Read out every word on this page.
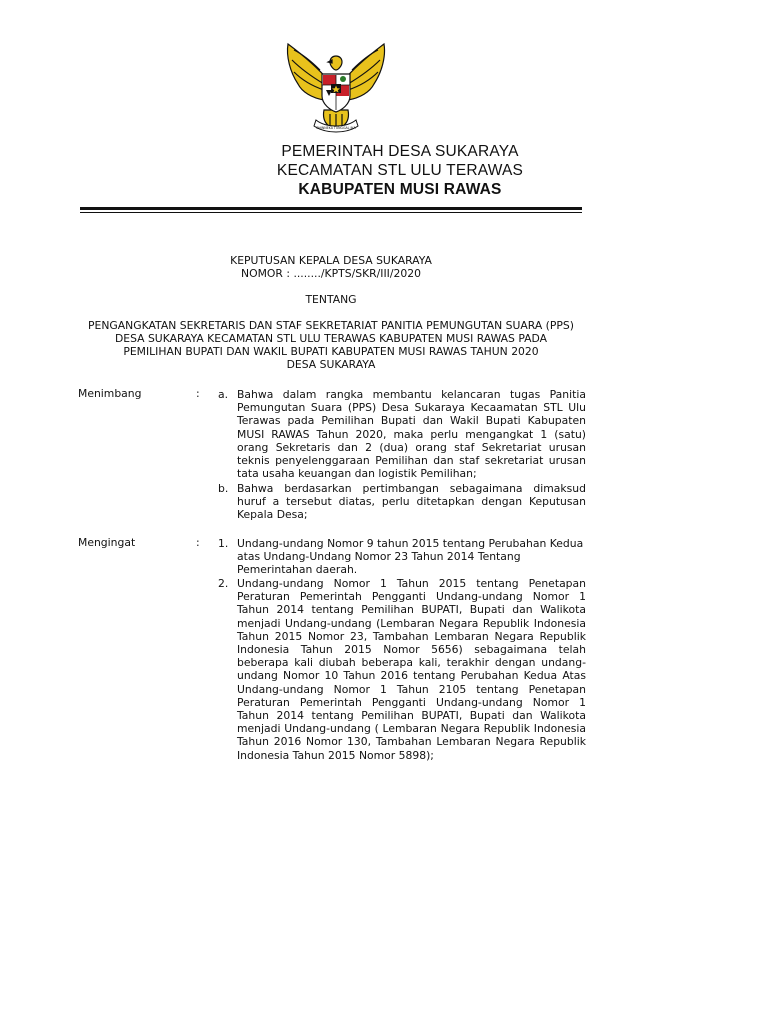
BHINNEKA TUNGGAL IKA
PEMERINTAH DESA SUKARAYA
KECAMATAN STL ULU TERAWAS
KABUPATEN MUSI RAWAS
KEPUTUSAN KEPALA DESA SUKARAYA
NOMOR : ......../KPTS/SKR/III/2020
TENTANG
PENGANGKATAN SEKRETARIS DAN STAF SEKRETARIAT PANITIA PEMUNGUTAN SUARA (PPS)
DESA SUKARAYA KECAMATAN STL ULU TERAWAS KABUPATEN MUSI RAWAS PADA
PEMILIHAN BUPATI DAN WAKIL BUPATI KABUPATEN MUSI RAWAS TAHUN 2020
DESA SUKARAYA
Menimbang	: a. Bahwa dalam rangka membantu kelancaran tugas Panitia
Pemungutan Suara (PPS) Desa Sukaraya Kecaamatan STL Ulu
Terawas pada Pemilihan Bupati dan Wakil Bupati Kabupaten
MUSI RAWAS Tahun 2020, maka perlu mengangkat 1 (satu)
orang Sekretaris dan 2 (dua) orang staf Sekretariat urusan
teknis penyelenggaraan Pemilihan dan staf sekretariat urusan
tata usaha keuangan dan logistik Pemilihan;
b. Bahwa berdasarkan pertimbangan sebagaimana dimaksud
huruf a tersebut diatas, perlu ditetapkan dengan Keputusan
Kepala Desa;
Mengingat	: 1. Undang-undang Nomor 9 tahun 2015 tentang Perubahan Kedua
atas Undang-Undang Nomor 23 Tahun 2014 Tentang
Pemerintahan daerah.
2. Undang-undang Nomor 1 Tahun 2015 tentang Penetapan
Peraturan Pemerintah Pengganti Undang-undang Nomor 1
Tahun 2014 tentang Pemilihan BUPATI, Bupati dan Walikota
menjadi Undang-undang (Lembaran Negara Republik Indonesia
Tahun 2015 Nomor 23, Tambahan Lembaran Negara Republik
Indonesia Tahun 2015 Nomor 5656) sebagaimana telah
beberapa kali diubah beberapa kali, terakhir dengan undang-
undang Nomor 10 Tahun 2016 tentang Perubahan Kedua Atas
Undang-undang Nomor 1 Tahun 2105 tentang Penetapan
Peraturan Pemerintah Pengganti Undang-undang Nomor 1
Tahun 2014 tentang Pemilihan BUPATI, Bupati dan Walikota
menjadi Undang-undang ( Lembaran Negara Republik Indonesia
Tahun 2016 Nomor 130, Tambahan Lembaran Negara Republik
Indonesia Tahun 2015 Nomor 5898);
